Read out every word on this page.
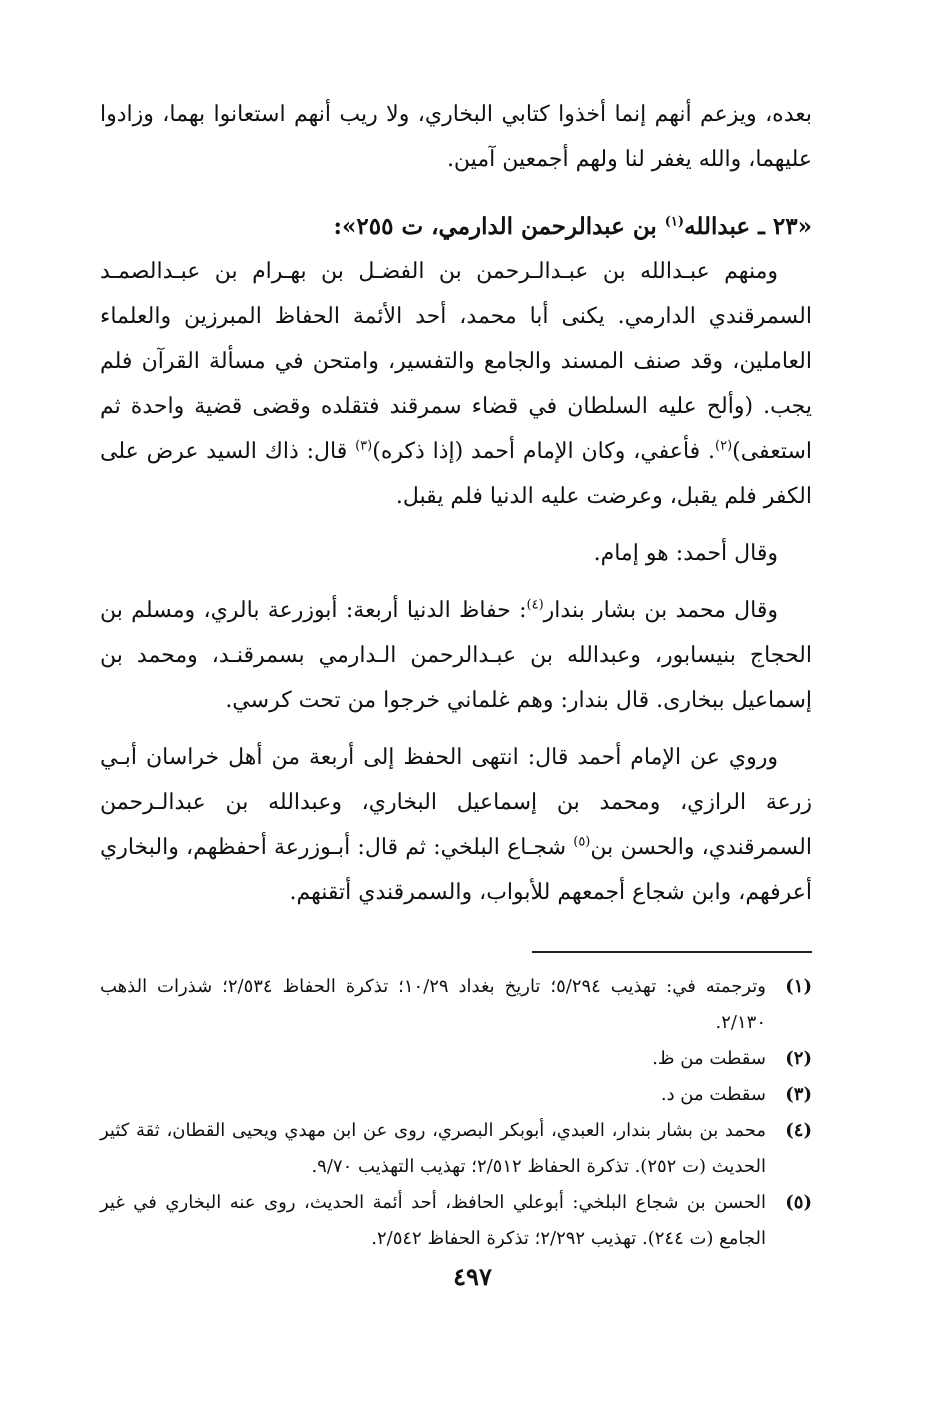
بعده، ويزعم أنهم إنما أخذوا كتابي البخاري، ولا ريب أنهم استعانوا بهما، وزادوا عليهما، والله يغفر لنا ولهم أجمعين آمين.

«٢٣ ـ عبدالله$^{(١)}$ بن عبدالرحمن الدارمي، ت ٢٥٥»:

ومنهم عبـدالله بن عبـدالـرحمن بن الفضـل بن بهـرام بن عبـدالصمـد السمرقندي الدارمي. يكنى أبا محمد، أحد الأئمة الحفاظ المبرزين والعلماء العاملين، وقد صنف المسند والجامع والتفسير، وامتحن في مسألة القرآن فلم يجب. (وألح عليه السلطان في قضاء سمرقند فتقلده وقضى قضية واحدة ثم استعفى)$^{(٢)}$. فأعفي، وكان الإمام أحمد (إذا ذكره)$^{(٣)}$ قال: ذاك السيد عرض على الكفر فلم يقبل، وعرضت عليه الدنيا فلم يقبل.

وقال أحمد: هو إمام.

وقال محمد بن بشار بندار$^{(٤)}$: حفاظ الدنيا أربعة: أبوزرعة بالري، ومسلم بن الحجاج بنيسابور، وعبدالله بن عبـدالرحمن الـدارمي بسمرقنـد، ومحمد بن إسماعيل ببخارى. قال بندار: وهم غلماني خرجوا من تحت كرسي.

وروي عن الإمام أحمد قال: انتهى الحفظ إلى أربعة من أهل خراسان أبـي زرعة الرازي، ومحمد بن إسماعيل البخاري، وعبدالله بن عبدالـرحمن السمرقندي، والحسن بن$^{(٥)}$ شجـاع البلخي: ثم قال: أبـوزرعة أحفظهم، والبخاري أعرفهم، وابن شجاع أجمعهم للأبواب، والسمرقندي أتقنهم.

(١)
وترجمته في: تهذيب ٥/٢٩٤؛ تاريخ بغداد ١٠/٢٩؛ تذكرة الحفاظ ٢/٥٣٤؛ شذرات الذهب ٢/١٣٠.
(٢)
سقطت من ظ.
(٣)
سقطت من د.
(٤)
محمد بن بشار بندار، العبدي، أبوبكر البصري، روى عن ابن مهدي ويحيى القطان، ثقة كثير الحديث (ت ٢٥٢). تذكرة الحفاظ ٢/٥١٢؛ تهذيب التهذيب ٩/٧٠.
(٥)
الحسن بن شجاع البلخي: أبوعلي الحافظ، أحد أئمة الحديث، روى عنه البخاري في غير الجامع (ت ٢٤٤). تهذيب ٢/٢٩٢؛ تذكرة الحفاظ ٢/٥٤٢.
٤٩٧
